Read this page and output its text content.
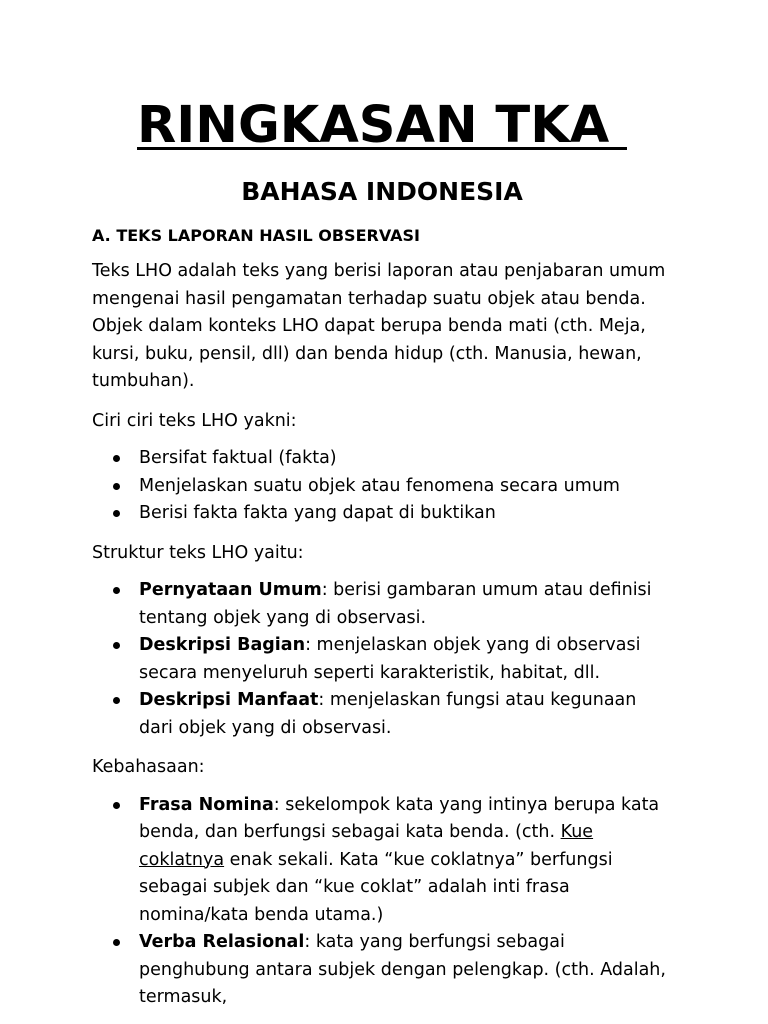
RINGKASAN TKA
BAHASA INDONESIA
A. TEKS LAPORAN HASIL OBSERVASI

Teks LHO adalah teks yang berisi laporan atau penjabaran umum mengenai hasil pengamatan terhadap suatu objek atau benda. Objek dalam konteks LHO dapat berupa benda mati (cth. Meja, kursi, buku, pensil, dll) dan benda hidup (cth. Manusia, hewan, tumbuhan).

Ciri ciri teks LHO yakni:

Bersifat faktual (fakta)
Menjelaskan suatu objek atau fenomena secara umum
Berisi fakta fakta yang dapat di buktikan

Struktur teks LHO yaitu:

Pernyataan Umum: berisi gambaran umum atau definisi tentang objek yang di observasi.
Deskripsi Bagian: menjelaskan objek yang di observasi secara menyeluruh seperti karakteristik, habitat, dll.
Deskripsi Manfaat: menjelaskan fungsi atau kegunaan dari objek yang di observasi.

Kebahasaan:

Frasa Nomina: sekelompok kata yang intinya berupa kata benda, dan berfungsi sebagai kata benda. (cth. Kue coklatnya enak sekali. Kata “kue coklatnya” berfungsi sebagai subjek dan “kue coklat” adalah inti frasa nomina/kata benda utama.)
Verba Relasional: kata yang berfungsi sebagai penghubung antara subjek dengan pelengkap. (cth. Adalah, termasuk,
